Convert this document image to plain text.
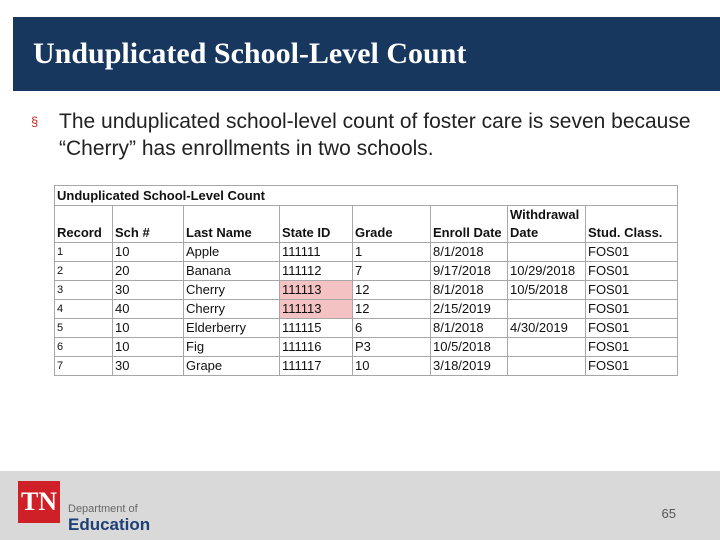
Unduplicated School-Level Count
§ The unduplicated school-level count of foster care is seven because “Cherry” has enrollments in two schools.
Unduplicated School-Level Count							
						Withdrawal	
Record	Sch #	Last Name	State ID	Grade	Enroll Date	Date	Stud. Class.
1	10	Apple	111111	1	8/1/2018		FOS01
2	20	Banana	111112	7	9/17/2018	10/29/2018	FOS01
3	30	Cherry	111113	12	8/1/2018	10/5/2018	FOS01
4	40	Cherry	111113	12	2/15/2019		FOS01
5	10	Elderberry	111115	6	8/1/2018	4/30/2019	FOS01
6	10	Fig	111116	P3	10/5/2018		FOS01
7	30	Grape	111117	10	3/18/2019		FOS01
TN Department of
Education
65
